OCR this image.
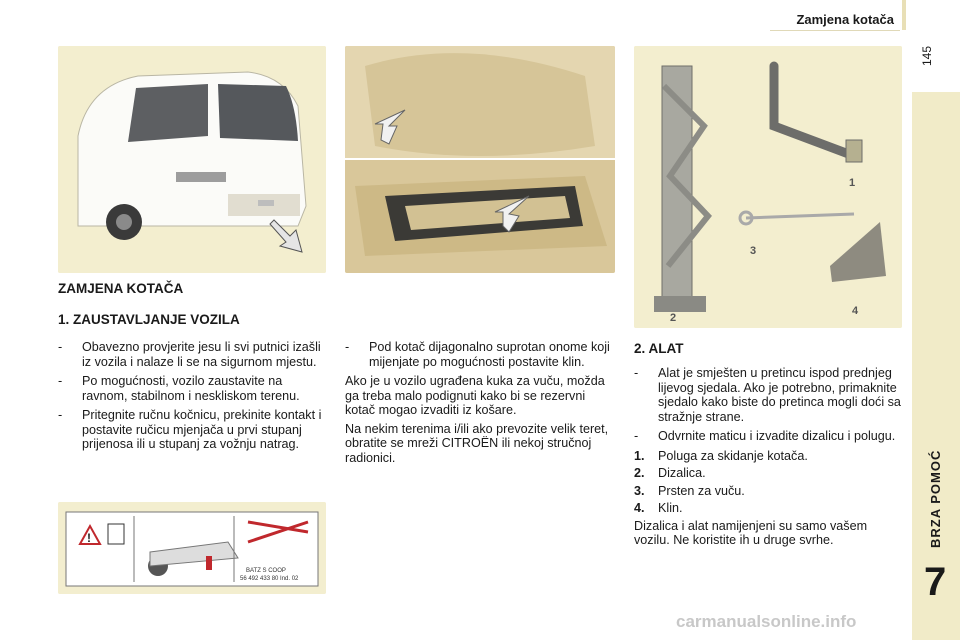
Zamjena kotača
145
BRZA POMOĆ
7
1
2
3
4
ZAMJENA KOTAČA
1. ZAUSTAVLJANJE VOZILA
-	Obavezno provjerite jesu li svi putnici izašli iz vozila i nalaze li se na sigurnom mjestu.
-	Po mogućnosti, vozilo zaustavite na ravnom, stabilnom i neskliskom terenu.
-	Pritegnite ručnu kočnicu, prekinite kontakt i postavite ručicu mjenjača u prvi stupanj prijenosa ili u stupanj za vožnju natrag.
-	Pod kotač dijagonalno suprotan onome koji mijenjate po mogućnosti postavite klin.

Ako je u vozilo ugrađena kuka za vuču, možda ga treba malo podignuti kako bi se rezervni kotač mogao izvaditi iz košare.

Na nekim terenima i/ili ako prevozite velik teret, obratite se mreži CITROËN ili nekoj stručnoj radionici.

2. ALAT
-	Alat je smješten u pretincu ispod prednjeg lijevog sjedala. Ako je potrebno, primaknite sjedalo kako biste do pretinca mogli doći sa stražnje strane.
-	Odvrnite maticu i izvadite dizalicu i polugu.
1.	Poluga za skidanje kotača.
2.	Dizalica.
3.	Prsten za vuču.
4.	Klin.

Dizalica i alat namijenjeni su samo vašem vozilu. Ne koristite ih u druge svrhe.

!
BATZ S COOP
56 492 433 80 Ind. 02
carmanualsonline.info
